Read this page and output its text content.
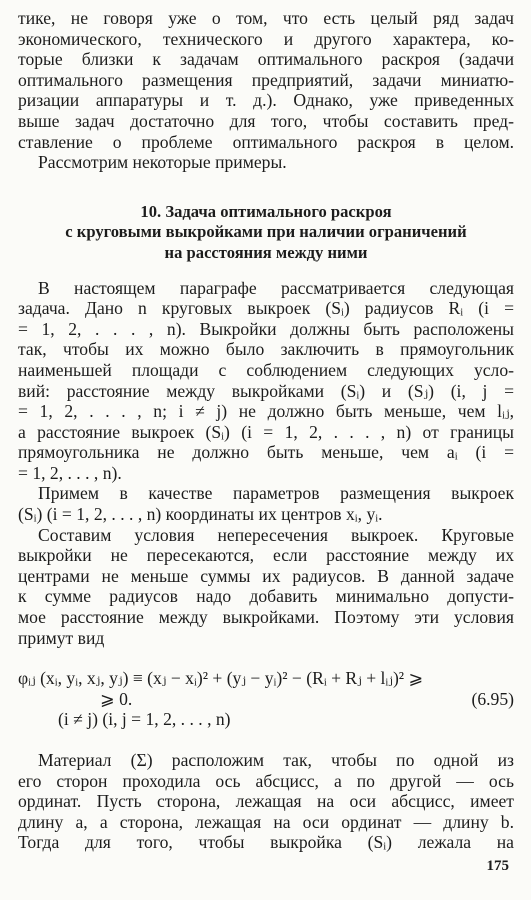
тике, не говоря уже о том, что есть целый ряд задач
экономического, технического и другого характера, ко-
торые близки к задачам оптимального раскроя (задачи
оптимального размещения предприятий, задачи миниатю-
ризации аппаратуры и т. д.). Однако, уже приведенных
выше задач достаточно для того, чтобы составить пред-
ставление о проблеме оптимального раскроя в целом.
Рассмотрим некоторые примеры.
10. Задача оптимального раскроя
с круговыми выкройками при наличии ограничений
на расстояния между ними
В настоящем параграфе рассматривается следующая
задача. Дано n круговых выкроек (Sᵢ) радиусов Rᵢ (i =
= 1, 2, . . . , n). Выкройки должны быть расположены
так, чтобы их можно было заключить в прямоугольник
наименьшей площади с соблюдением следующих усло-
вий: расстояние между выкройками (Sᵢ) и (Sⱼ) (i, j =
= 1, 2, . . . , n; i ≠ j) не должно быть меньше, чем lᵢⱼ,
а расстояние выкроек (Sᵢ) (i = 1, 2, . . . , n) от границы
прямоугольника не должно быть меньше, чем aᵢ (i =
= 1, 2, . . . , n).
Примем в качестве параметров размещения выкроек
(Sᵢ) (i = 1, 2, . . . , n) координаты их центров xᵢ, yᵢ.
Составим условия непересечения выкроек. Круговые
выкройки не пересекаются, если расстояние между их
центрами не меньше суммы их радиусов. В данной задаче
к сумме радиусов надо добавить минимально допусти-
мое расстояние между выкройками. Поэтому эти условия
примут вид
φᵢⱼ (xᵢ, yᵢ, xⱼ, yⱼ) ≡ (xⱼ − xᵢ)² + (yⱼ − yᵢ)² − (Rᵢ + Rⱼ + lᵢⱼ)² ⩾
⩾ 0.	(6.95)
(i ≠ j) (i, j = 1, 2, . . . , n)
Материал (Σ) расположим так, чтобы по одной из
его сторон проходила ось абсцисс, а по другой — ось
ординат. Пусть сторона, лежащая на оси абсцисс, имеет
длину a, а сторона, лежащая на оси ординат — длину b.
Тогда для того, чтобы выкройка (Sᵢ) лежала на
175
